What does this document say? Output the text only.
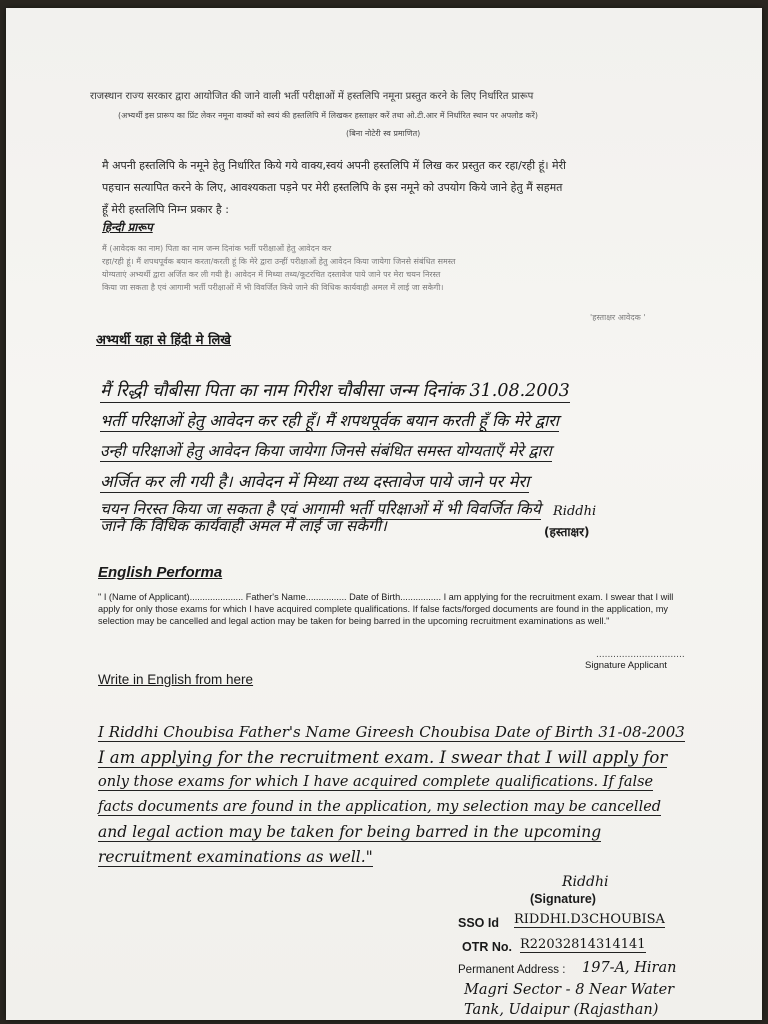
राजस्थान राज्य सरकार द्वारा आयोजित की जाने वाली भर्ती परीक्षाओं में हस्तलिपि नमूना प्रस्तुत करने के लिए निर्धारित प्रारूप
(अभ्यर्थी इस प्रारूप का प्रिंट लेकर नमूना वाक्यों को स्वयं की हस्तलिपि में लिखकर हस्ताक्षर करें तथा ओ.टी.आर में निर्धारित स्थान पर अपलोड करें)
(बिना नोटेरी स्व प्रमाणित)
मै अपनी हस्तलिपि के नमूने हेतु निर्धारित किये गये वाक्य,स्वयं अपनी हस्तलिपि में लिख कर प्रस्तुत कर रहा/रही हूं। मेरी
पहचान सत्यापित करने के लिए, आवश्यकता पड़ने पर मेरी हस्तलिपि के इस नमूने को उपयोग किये जाने हेतु मैं सहमत
हूँ मेरी हस्तलिपि निम्न प्रकार है :
हिन्दी प्रारूप
मैं (आवेदक का नाम) पिता का नाम जन्म दिनांक भर्ती परीक्षाओं हेतु आवेदन कर
रहा/रही हूं। मैं शपथपूर्वक बयान करता/करती हूं कि मेरे द्वारा उन्हीं परीक्षाओं हेतु आवेदन किया जायेगा जिनसे संबंधित समस्त
योग्यताएं अभ्यर्थी द्वारा अर्जित कर ली गयी है। आवेदन में मिथ्या तथ्य/कूटरचित दस्तावेज पाये जाने पर मेरा चयन निरस्त
किया जा सकता है एवं आगामी भर्ती परीक्षाओं में भी विवर्जित किये जाने की विधिक कार्यवाही अमल में लाई जा सकेगी।
'हस्ताक्षर आवेदक '
अभ्यर्थी यहा से हिंदी मे लिखे
मैं रिद्धी चौबीसा पिता का नाम गिरीश चौबीसा जन्म दिनांक 31.08.2003
भर्ती परिक्षाओं हेतु आवेदन कर रही हूँ। मैं शपथपूर्वक बयान करती हूँ कि मेरे द्वारा
उन्ही परिक्षाओं हेतु आवेदन किया जायेगा जिनसे संबंधित समस्त योग्यताएँ मेरे द्वारा
अर्जित कर ली गयी है। आवेदन में मिथ्या तथ्य दस्तावेज पाये जाने पर मेरा
चयन निरस्त किया जा सकता है एवं आगामी भर्ती परिक्षाओं में भी विवर्जित किये
जाने कि विधिक कार्यवाही अमल में लाई जा सकेगी।
Riddhi
(हस्ताक्षर)
English Performa
" I (Name of Applicant)..................... Father's Name................ Date of Birth................ I am applying for the recruitment exam. I swear that I will apply for only those exams for which I have acquired complete qualifications. If false facts/forged documents are found in the application, my selection may be cancelled and legal action may be taken for being barred in the upcoming recruitment examinations as well."
...............................
Signature Applicant
Write in English from here
I Riddhi Choubisa Father's Name Gireesh Choubisa Date of Birth 31-08-2003
I am applying for the recruitment exam. I swear that I will apply for
only those exams for which I have acquired complete qualifications. If false
facts documents are found in the application, my selection may be cancelled
and legal action may be taken for being barred in the upcoming
recruitment examinations as well."
Riddhi
(Signature)
SSO Id RIDDHI.D3CHOUBISA
OTR No. R22032814314141
Permanent Address : 197-A, Hiran
Magri Sector - 8 Near Water
Tank, Udaipur (Rajasthan)
